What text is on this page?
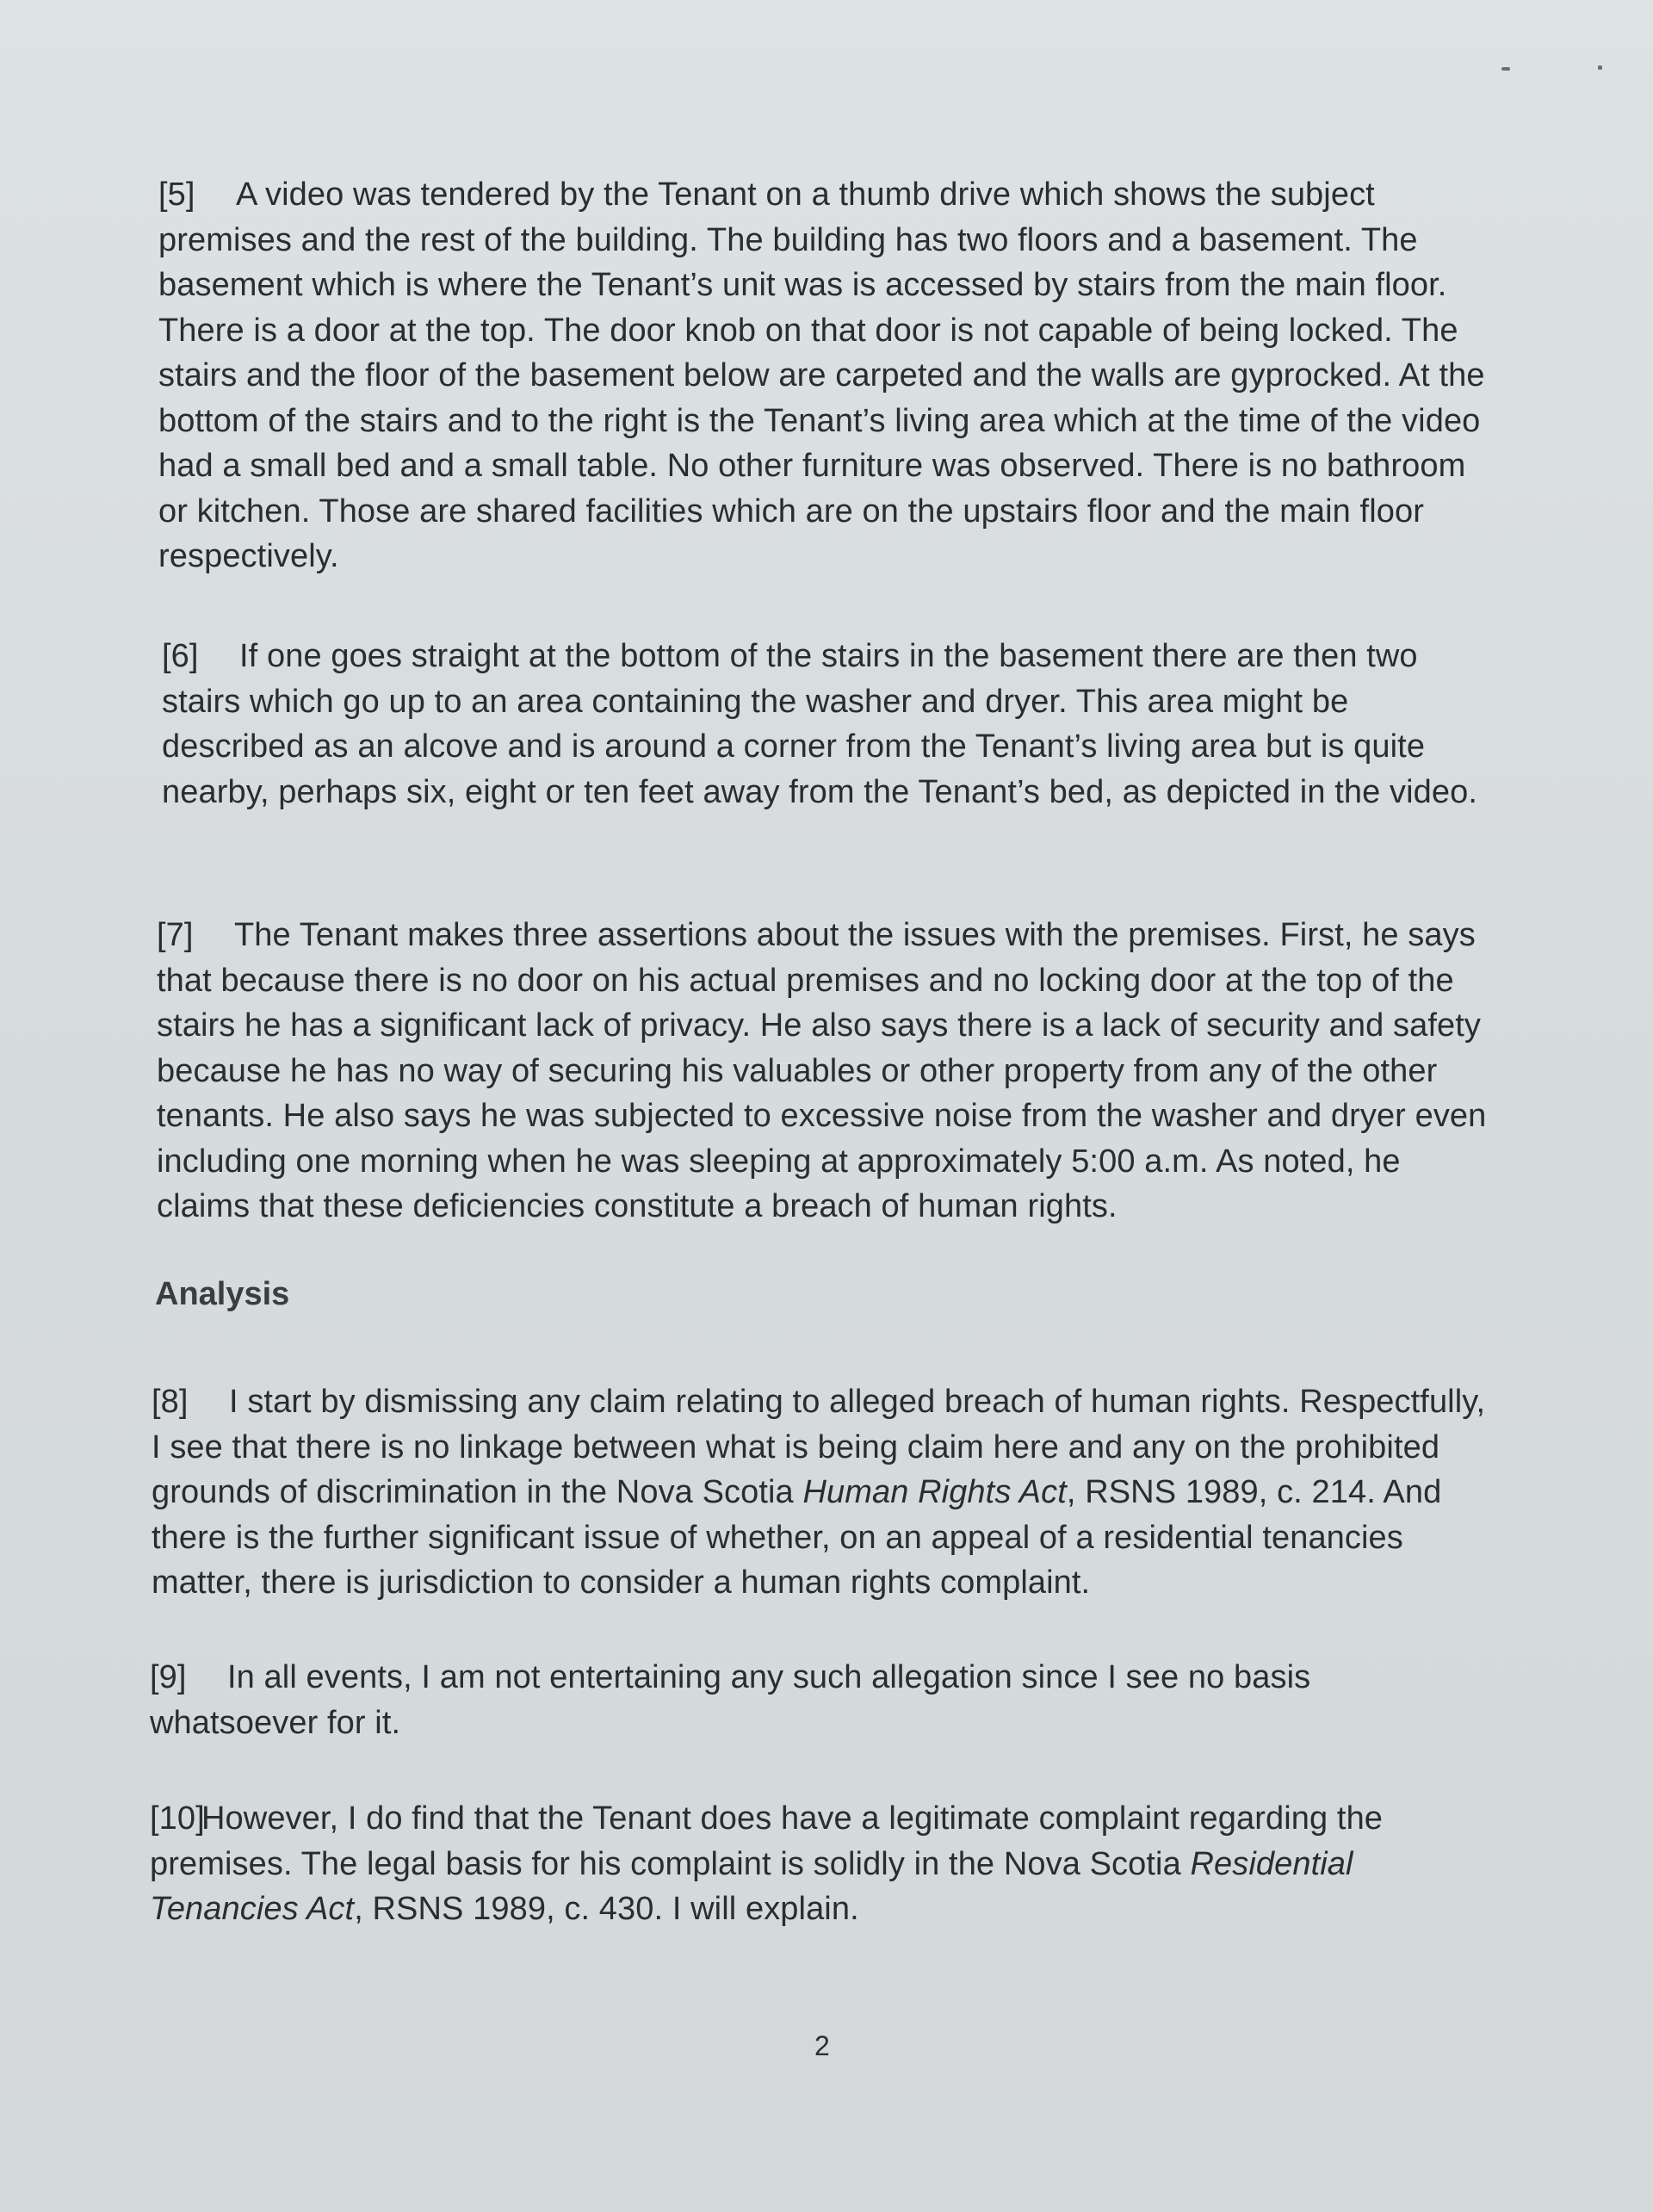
[5] A video was tendered by the Tenant on a thumb drive which shows the subject premises and the rest of the building. The building has two floors and a basement. The basement which is where the Tenant’s unit was is accessed by stairs from the main floor. There is a door at the top. The door knob on that door is not capable of being locked. The stairs and the floor of the basement below are carpeted and the walls are gyprocked. At the bottom of the stairs and to the right is the Tenant’s living area which at the time of the video had a small bed and a small table. No other furniture was observed. There is no bathroom or kitchen. Those are shared facilities which are on the upstairs floor and the main floor respectively.

[6] If one goes straight at the bottom of the stairs in the basement there are then two stairs which go up to an area containing the washer and dryer. This area might be described as an alcove and is around a corner from the Tenant’s living area but is quite nearby, perhaps six, eight or ten feet away from the Tenant’s bed, as depicted in the video.

[7] The Tenant makes three assertions about the issues with the premises. First, he says that because there is no door on his actual premises and no locking door at the top of the stairs he has a significant lack of privacy. He also says there is a lack of security and safety because he has no way of securing his valuables or other property from any of the other tenants. He also says he was subjected to excessive noise from the washer and dryer even including one morning when he was sleeping at approximately 5:00 a.m. As noted, he claims that these deficiencies constitute a breach of human rights.

Analysis

[8] I start by dismissing any claim relating to alleged breach of human rights. Respectfully, I see that there is no linkage between what is being claim here and any on the prohibited grounds of discrimination in the Nova Scotia Human Rights Act, RSNS 1989, c. 214. And there is the further significant issue of whether, on an appeal of a residential tenancies matter, there is jurisdiction to consider a human rights complaint.

[9] In all events, I am not entertaining any such allegation since I see no basis whatsoever for it.

[10]However, I do find that the Tenant does have a legitimate complaint regarding the premises. The legal basis for his complaint is solidly in the Nova Scotia Residential Tenancies Act, RSNS 1989, c. 430. I will explain.

2
